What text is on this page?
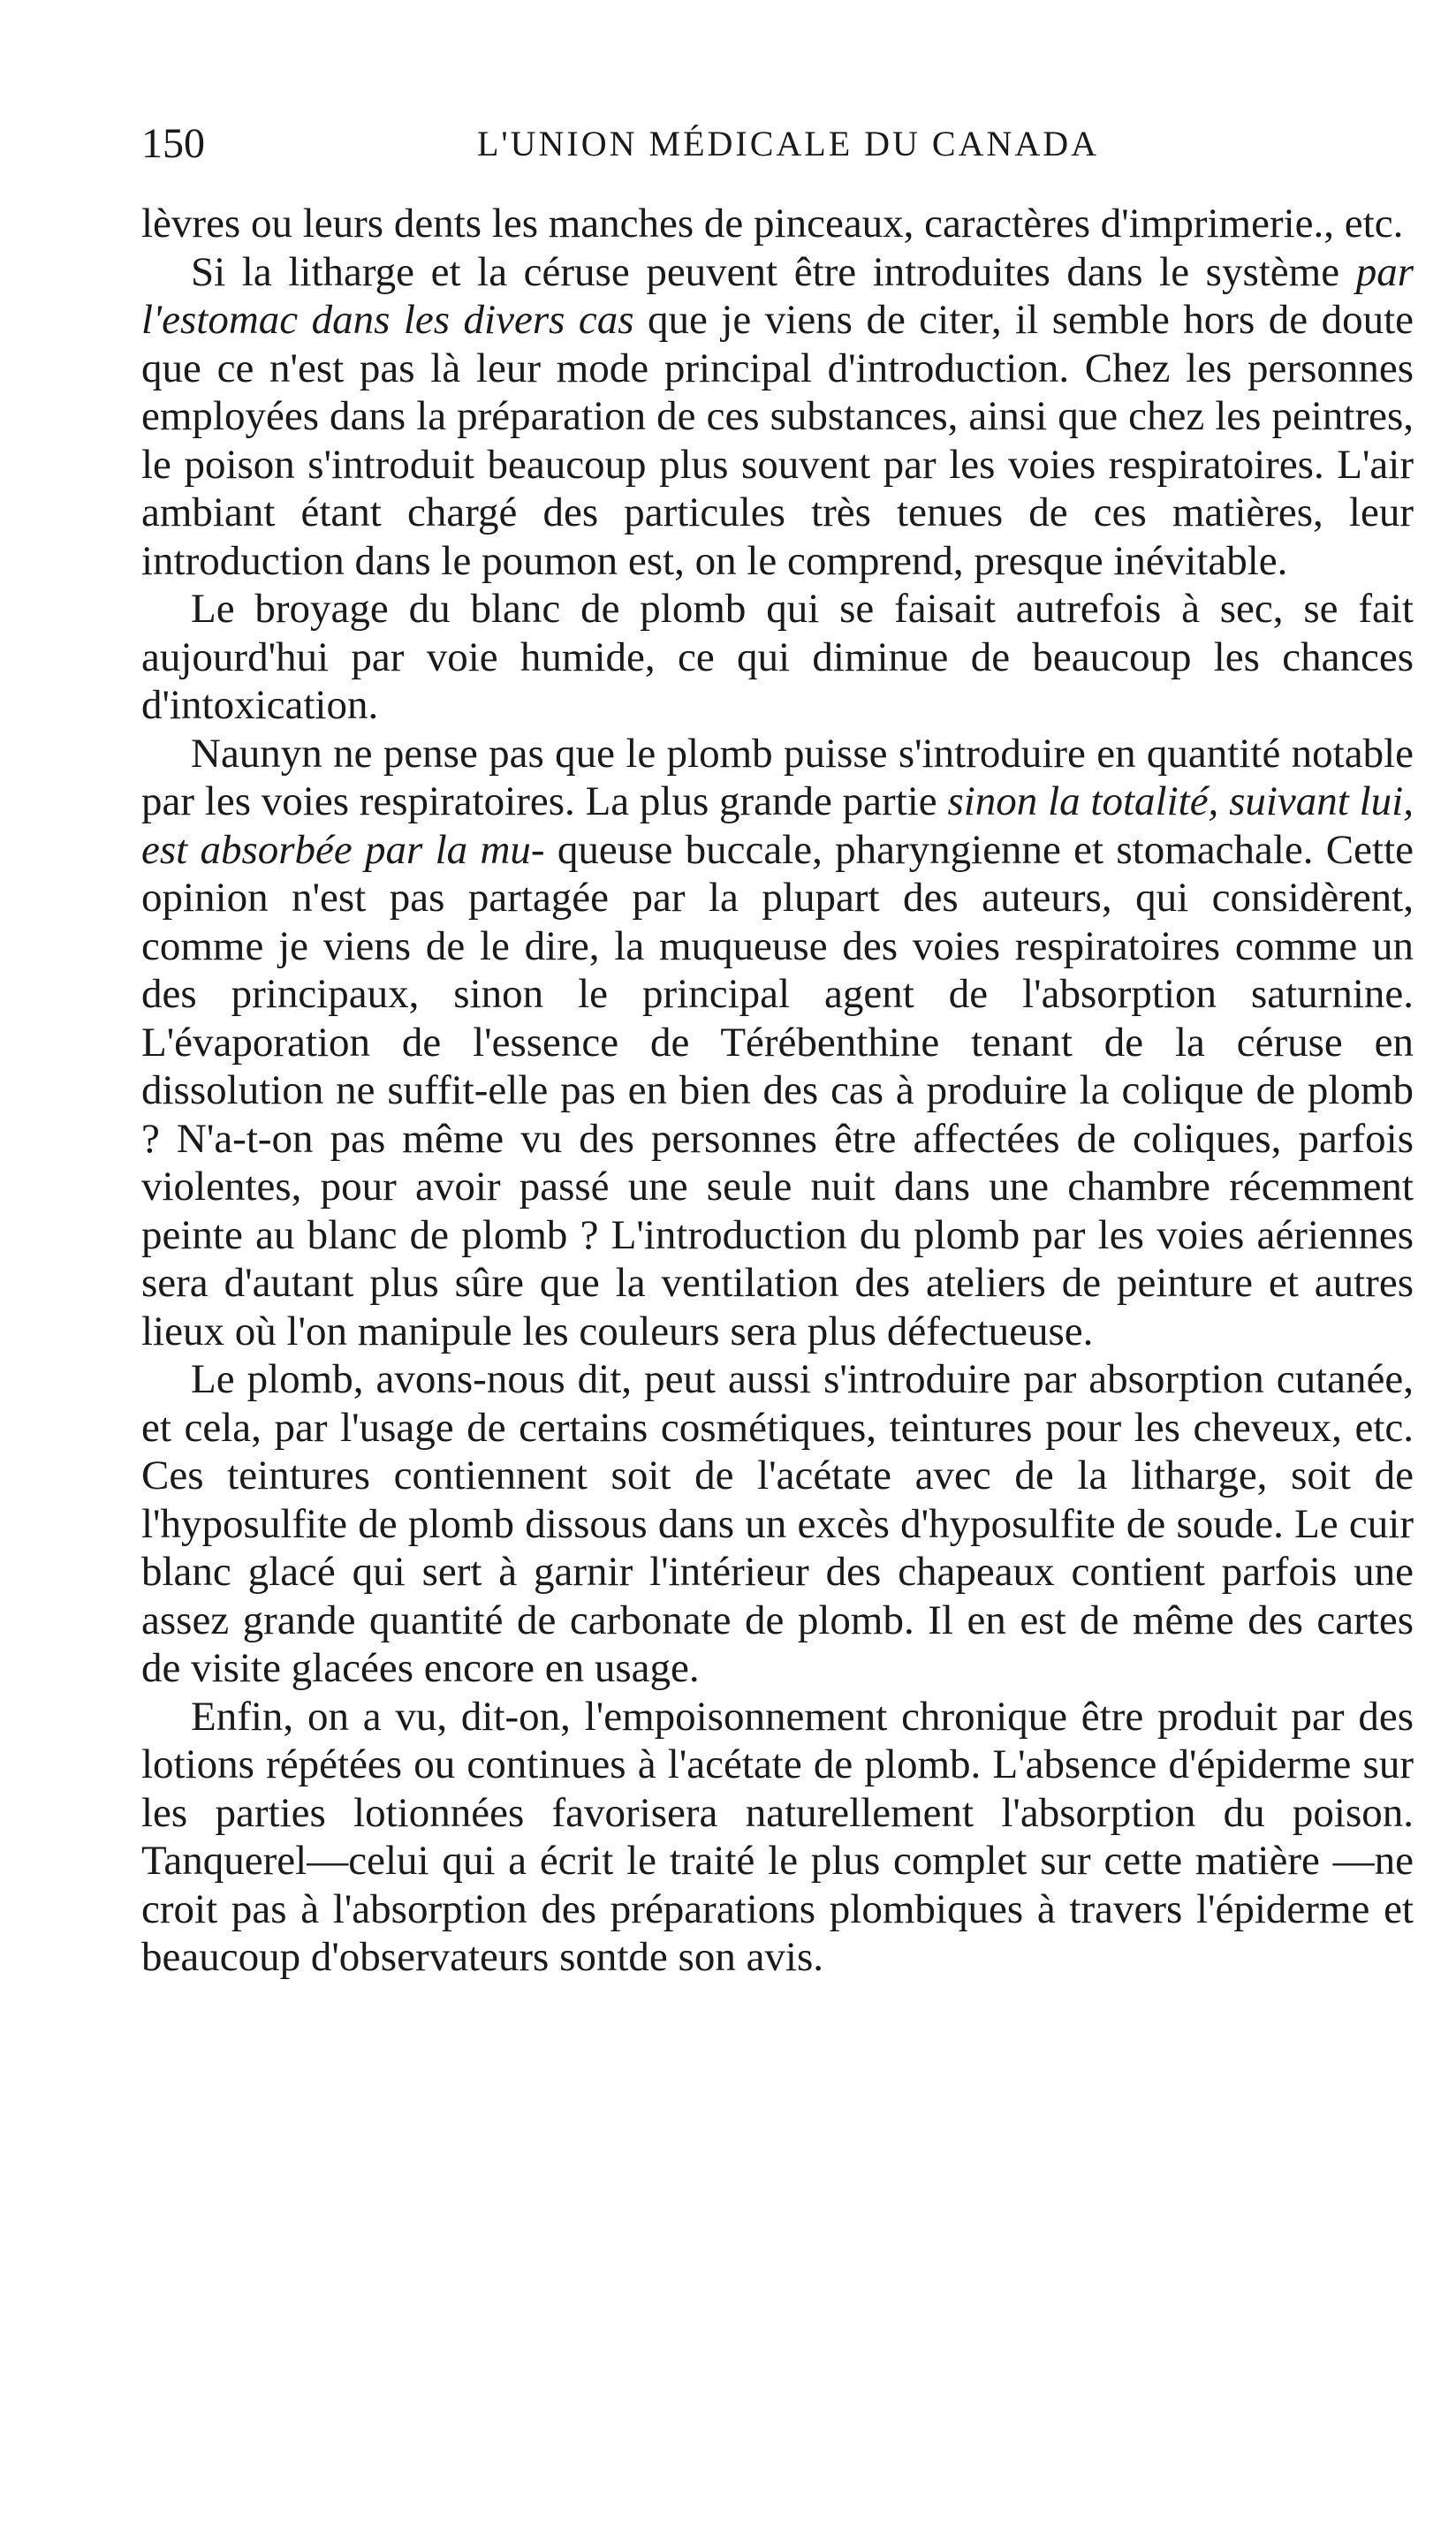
150	L'UNION MÉDICALE DU CANADA

lèvres ou leurs dents les manches de pinceaux, caractères d'imprimerie., etc.

Si la litharge et la céruse peuvent être introduites dans le système par l'estomac dans les divers cas que je viens de citer, il semble hors de doute que ce n'est pas là leur mode principal d'introduction. Chez les personnes employées dans la préparation de ces substances, ainsi que chez les peintres, le poison s'introduit beaucoup plus souvent par les voies respiratoires. L'air ambiant étant chargé des particules très tenues de ces matières, leur introduction dans le poumon est, on le comprend, presque inévitable.

Le broyage du blanc de plomb qui se faisait autrefois à sec, se fait aujourd'hui par voie humide, ce qui diminue de beaucoup les chances d'intoxication.

Naunyn ne pense pas que le plomb puisse s'introduire en quantité notable par les voies respiratoires. La plus grande partie sinon la totalité, suivant lui, est absorbée par la mu- queuse buccale, pharyngienne et stomachale. Cette opinion n'est pas partagée par la plupart des auteurs, qui considèrent, comme je viens de le dire, la muqueuse des voies respiratoires comme un des principaux, sinon le principal agent de l'absorption saturnine. L'évaporation de l'essence de Térébenthine tenant de la céruse en dissolution ne suffit-elle pas en bien des cas à produire la colique de plomb ? N'a-t-on pas même vu des personnes être affectées de coliques, parfois violentes, pour avoir passé une seule nuit dans une chambre récemment peinte au blanc de plomb ? L'introduction du plomb par les voies aériennes sera d'autant plus sûre que la ventilation des ateliers de peinture et autres lieux où l'on manipule les couleurs sera plus défectueuse.

Le plomb, avons-nous dit, peut aussi s'introduire par absorption cutanée, et cela, par l'usage de certains cosmétiques, teintures pour les cheveux, etc. Ces teintures contiennent soit de l'acétate avec de la litharge, soit de l'hyposulfite de plomb dissous dans un excès d'hyposulfite de soude. Le cuir blanc glacé qui sert à garnir l'intérieur des chapeaux contient parfois une assez grande quantité de carbonate de plomb. Il en est de même des cartes de visite glacées encore en usage.

Enfin, on a vu, dit-on, l'empoisonnement chronique être produit par des lotions répétées ou continues à l'acétate de plomb. L'absence d'épiderme sur les parties lotionnées favorisera naturellement l'absorption du poison. Tanquerel—celui qui a écrit le traité le plus complet sur cette matière —ne croit pas à l'absorption des préparations plombiques à travers l'épiderme et beaucoup d'observateurs sontde son avis.
